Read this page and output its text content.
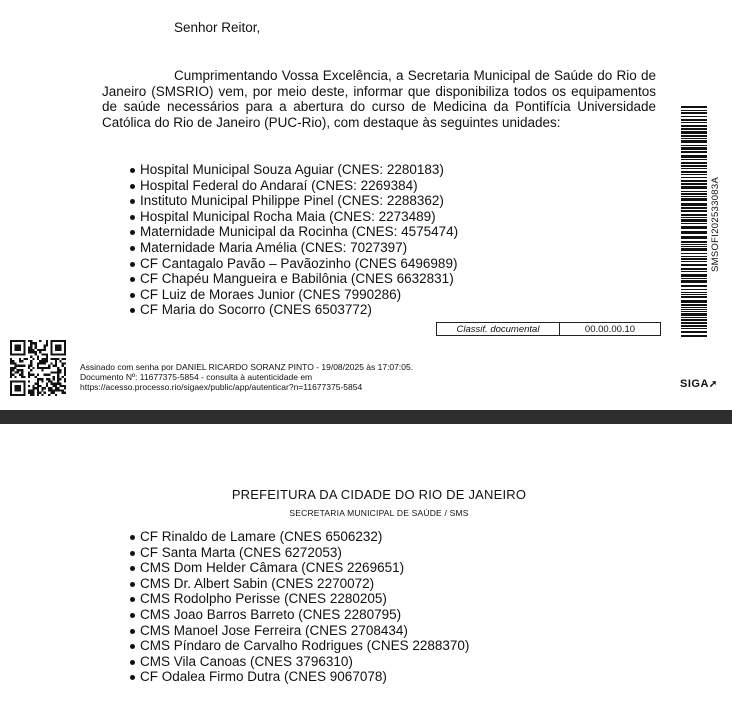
Senhor Reitor,

Cumprimentando Vossa Excelência, a Secretaria Municipal de Saúde do Rio de Janeiro (SMSRIO) vem, por meio deste, informar que disponibiliza todos os equipamentos de saúde necessários para a abertura do curso de Medicina da Pontifícia Universidade Católica do Rio de Janeiro (PUC-Rio), com destaque às seguintes unidades:

Hospital Municipal Souza Aguiar (CNES: 2280183)
Hospital Federal do Andaraí (CNES: 2269384)
Instituto Municipal Philippe Pinel (CNES: 2288362)
Hospital Municipal Rocha Maia (CNES: 2273489)
Maternidade Municipal da Rocinha (CNES: 4575474)
Maternidade Maria Amélia (CNES: 7027397)
CF Cantagalo Pavão – Pavãozinho (CNES 6496989)
CF Chapéu Mangueira e Babilônia (CNES 6632831)
CF Luiz de Moraes Junior (CNES 7990286)
CF Maria do Socorro (CNES 6503772)
Classif. documental	00.00.00.10
SMSOFI202533083A
Assinado com senha por DANIEL RICARDO SORANZ PINTO - 19/08/2025 às 17:07:05.
Documento Nº: 11677375-5854 - consulta à autenticidade em
https://acesso.processo.rio/sigaex/public/app/autenticar?n=11677375-5854	SIGA➚
PREFEITURA DA CIDADE DO RIO DE JANEIRO
SECRETARIA MUNICIPAL DE SAÚDE / SMS
CF Rinaldo de Lamare (CNES 6506232)
CF Santa Marta (CNES 6272053)
CMS Dom Helder Câmara (CNES 2269651)
CMS Dr. Albert Sabin (CNES 2270072)
CMS Rodolpho Perisse (CNES 2280205)
CMS Joao Barros Barreto (CNES 2280795)
CMS Manoel Jose Ferreira (CNES 2708434)
CMS Píndaro de Carvalho Rodrigues (CNES 2288370)
CMS Vila Canoas (CNES 3796310)
CF Odalea Firmo Dutra (CNES 9067078)
